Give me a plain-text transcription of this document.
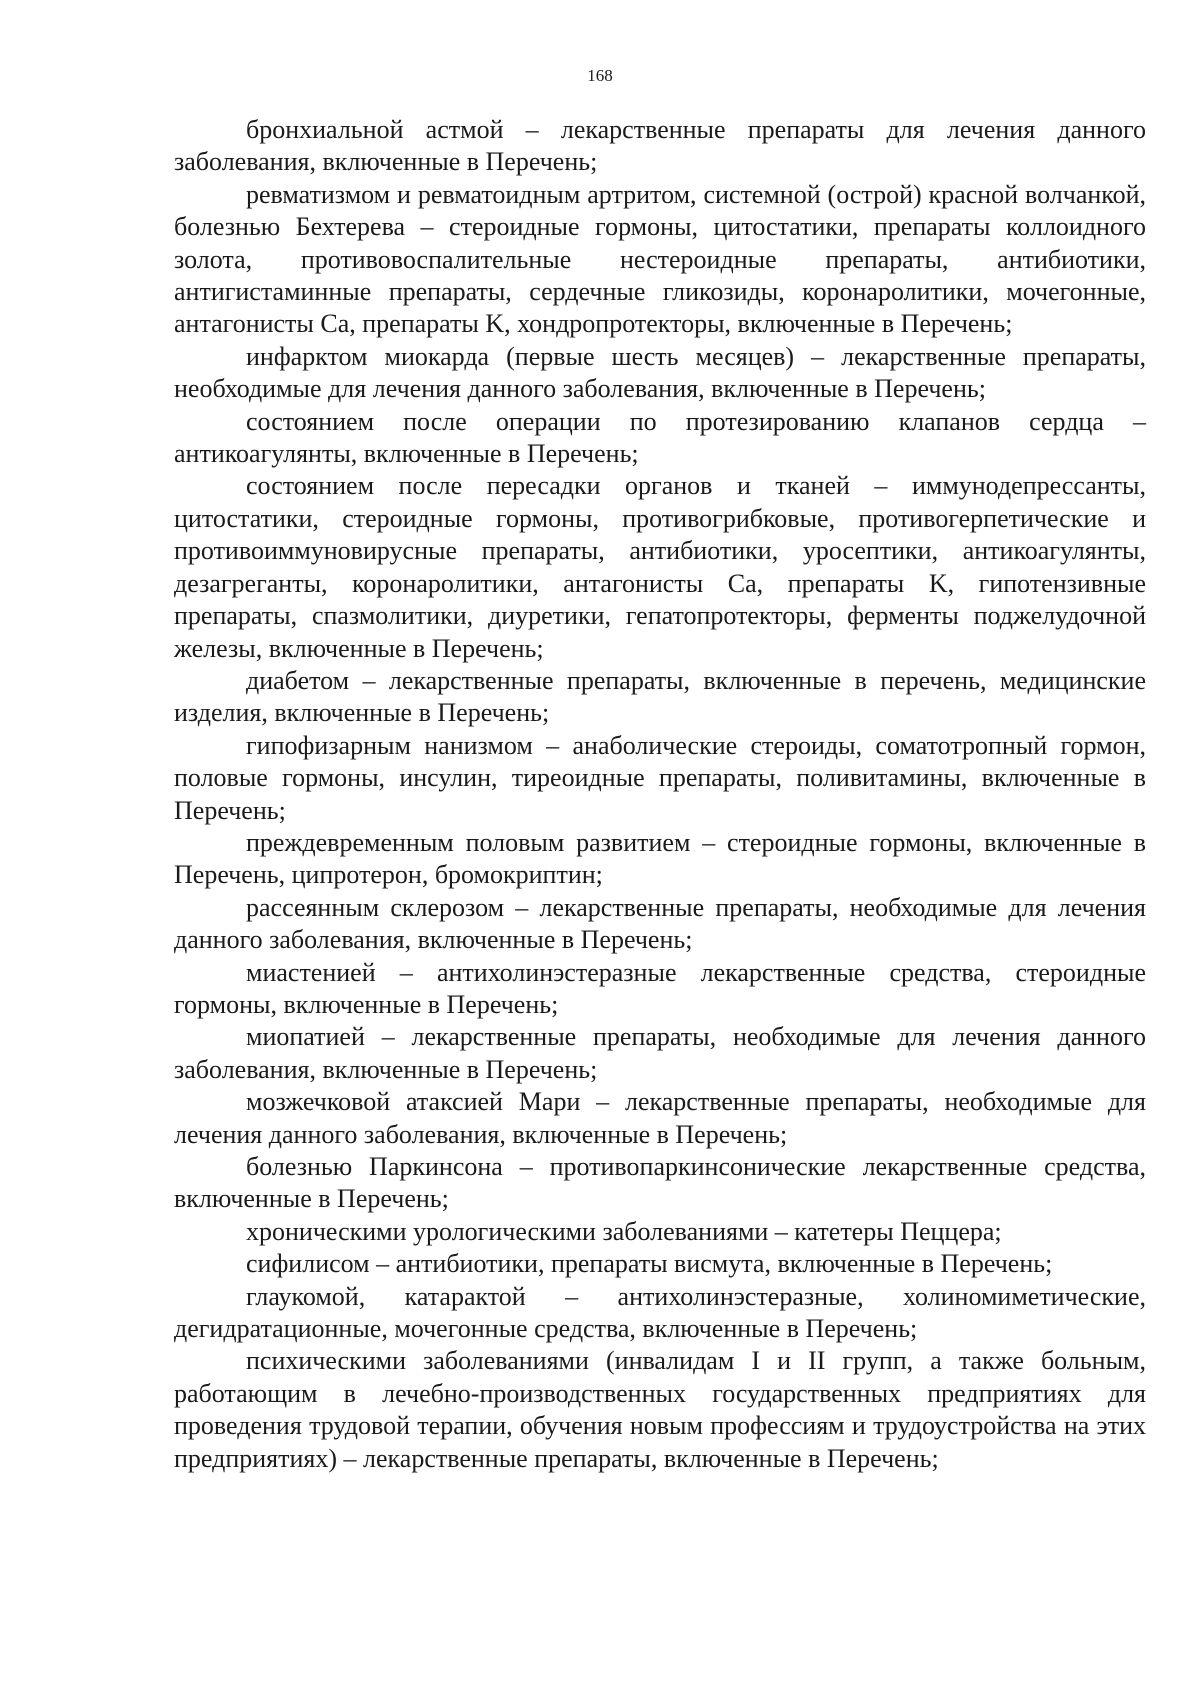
168

бронхиальной астмой – лекарственные препараты для лечения данного заболевания, включенные в Перечень;

ревматизмом и ревматоидным артритом, системной (острой) красной волчанкой, болезнью Бехтерева – стероидные гормоны, цитостатики, препараты коллоидного золота, противовоспалительные нестероидные препараты, антибиотики, антигистаминные препараты, сердечные гликозиды, коронаролитики, мочегонные, антагонисты Ca, препараты K, хондропротекторы, включенные в Перечень;

инфарктом миокарда (первые шесть месяцев) – лекарственные препараты, необходимые для лечения данного заболевания, включенные в Перечень;

состоянием после операции по протезированию клапанов сердца – антикоагулянты, включенные в Перечень;

состоянием после пересадки органов и тканей – иммунодепрессанты, цитостатики, стероидные гормоны, противогрибковые, противогерпетические и противоиммуновирусные препараты, антибиотики, уросептики, антикоагулянты, дезагреганты, коронаролитики, антагонисты Ca, препараты K, гипотензивные препараты, спазмолитики, диуретики, гепатопротекторы, ферменты поджелудочной железы, включенные в Перечень;

диабетом – лекарственные препараты, включенные в перечень, медицинские изделия, включенные в Перечень;

гипофизарным нанизмом – анаболические стероиды, соматотропный гормон, половые гормоны, инсулин, тиреоидные препараты, поливитамины, включенные в Перечень;

преждевременным половым развитием – стероидные гормоны, включенные в Перечень, ципротерон, бромокриптин;

рассеянным склерозом – лекарственные препараты, необходимые для лечения данного заболевания, включенные в Перечень;

миастенией – антихолинэстеразные лекарственные средства, стероидные гормоны, включенные в Перечень;

миопатией – лекарственные препараты, необходимые для лечения данного заболевания, включенные в Перечень;

мозжечковой атаксией Мари – лекарственные препараты, необходимые для лечения данного заболевания, включенные в Перечень;

болезнью Паркинсона – противопаркинсонические лекарственные средства, включенные в Перечень;

хроническими урологическими заболеваниями – катетеры Пеццера;

сифилисом – антибиотики, препараты висмута, включенные в Перечень;

глаукомой, катарактой – антихолинэстеразные, холиномиметические, дегидратационные, мочегонные средства, включенные в Перечень;

психическими заболеваниями (инвалидам I и II групп, а также больным, работающим в лечебно-производственных государственных предприятиях для проведения трудовой терапии, обучения новым профессиям и трудоустройства на этих предприятиях) – лекарственные препараты, включенные в Перечень;
